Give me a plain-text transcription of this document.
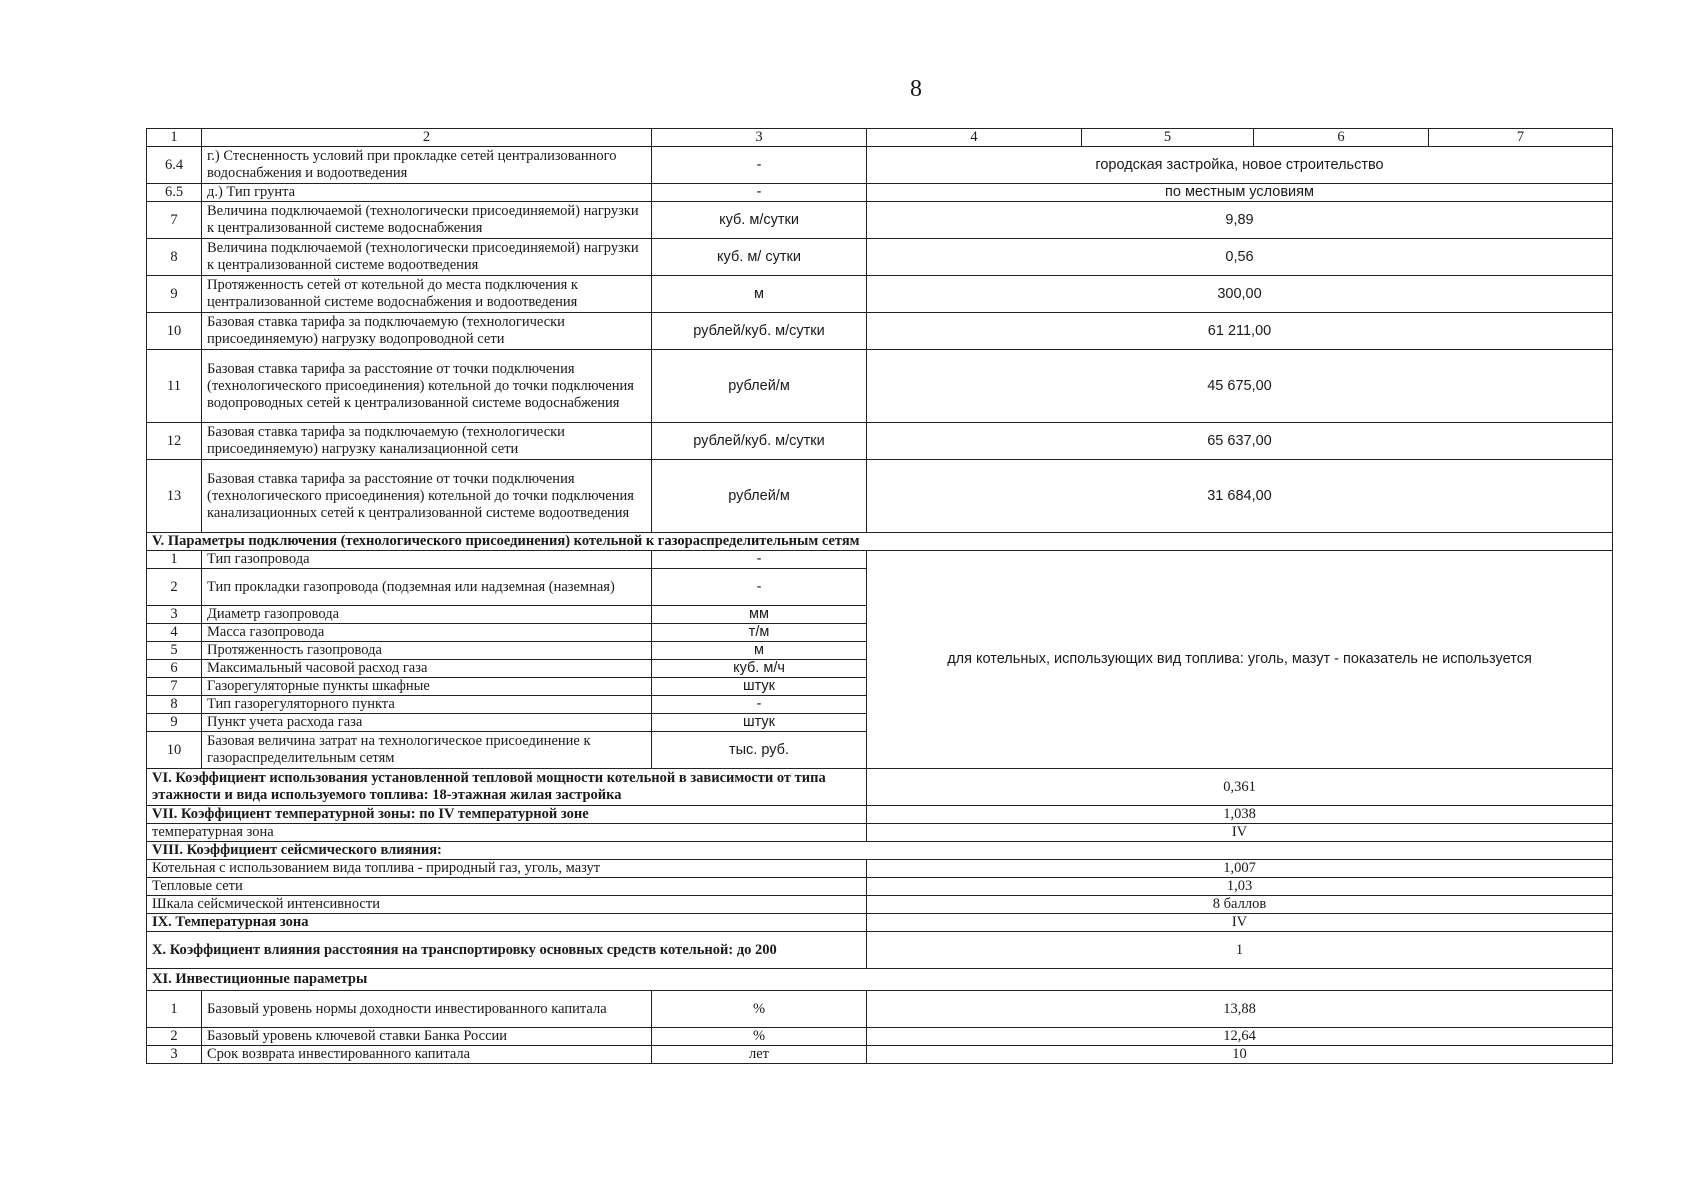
8
1	2	3	4	5	6	7
6.4	г.) Стесненность условий при прокладке сетей централизованного водоснабжения и водоотведения	-	городская застройка, новое строительство			
6.5	д.) Тип грунта	-	по местным условиям			
7	Величина подключаемой (технологически присоединяемой) нагрузки к централизованной системе водоснабжения	куб. м/сутки	9,89			
8	Величина подключаемой (технологически присоединяемой) нагрузки к централизованной системе водоотведения	куб. м/ сутки	0,56			
9	Протяженность сетей от котельной до места подключения к централизованной системе водоснабжения и водоотведения	м	300,00			
10	Базовая ставка тарифа за подключаемую (технологически присоединяемую) нагрузку водопроводной сети	рублей/куб. м/сутки	61 211,00			
11	Базовая ставка тарифа за расстояние от точки подключения (технологического присоединения) котельной до точки подключения водопроводных сетей к централизованной системе водоснабжения	рублей/м	45 675,00			
12	Базовая ставка тарифа за подключаемую (технологически присоединяемую) нагрузку канализационной сети	рублей/куб. м/сутки	65 637,00			
13	Базовая ставка тарифа за расстояние от точки подключения (технологического присоединения) котельной до точки подключения канализационных сетей к централизованной системе водоотведения	рублей/м	31 684,00			
V. Параметры подключения (технологического присоединения) котельной к газораспределительным сетям						
1	Тип газопровода	-	для котельных, использующих вид топлива: уголь, мазут - показатель не используется			
2	Тип прокладки газопровода (подземная или надземная (наземная)	-				
3	Диаметр газопровода	мм				
4	Масса газопровода	т/м				
5	Протяженность газопровода	м				
6	Максимальный часовой расход газа	куб. м/ч				
7	Газорегуляторные пункты шкафные	штук				
8	Тип газорегуляторного пункта	-				
9	Пункт учета расхода газа	штук				
10	Базовая величина затрат на технологическое присоединение к газораспределительным сетям	тыс. руб.				
VI. Коэффициент использования установленной тепловой мощности котельной в зависимости от типа этажности и вида используемого топлива: 18-этажная жилая застройка			0,361			
VII. Коэффициент температурной зоны: по IV температурной зоне			1,038			
температурная зона			IV			
VIII. Коэффициент сейсмического влияния:						
Котельная с использованием вида топлива - природный газ, уголь, мазут			1,007			
Тепловые сети			1,03			
Шкала сейсмической интенсивности			8 баллов			
IX. Температурная зона			IV			
X. Коэффициент влияния расстояния на транспортировку основных средств котельной: до 200			1			
XI. Инвестиционные параметры						
1	Базовый уровень нормы доходности инвестированного капитала	%	13,88			
2	Базовый уровень ключевой ставки Банка России	%	12,64			
3	Срок возврата инвестированного капитала	лет	10			
